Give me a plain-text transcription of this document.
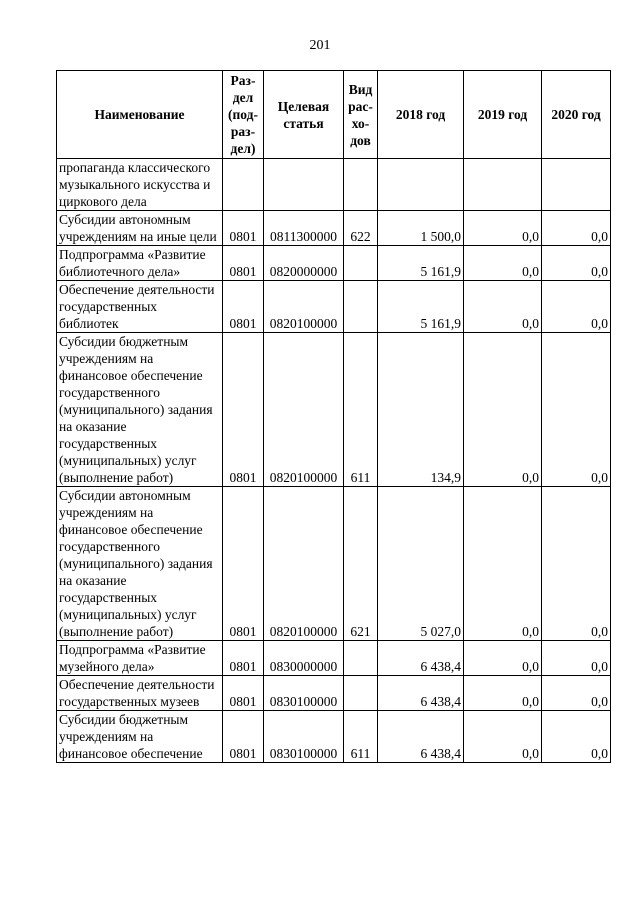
201
Наименование	Раз-дел (под-раз-дел)	Целевая статья	Вид рас-хо-дов	2018 год	2019 год	2020 год
пропаганда классического музыкального искусства и циркового дела						
Субсидии автономным учреждениям на иные цели	0801	0811300000	622	1 500,0	0,0	0,0
Подпрограмма «Развитие библиотечного дела»	0801	0820000000		5 161,9	0,0	0,0
Обеспечение деятельности государственных библиотек	0801	0820100000		5 161,9	0,0	0,0
Субсидии бюджетным учреждениям на финансовое обеспечение государственного (муниципального) задания на оказание государственных (муниципальных) услуг (выполнение работ)	0801	0820100000	611	134,9	0,0	0,0
Субсидии автономным учреждениям на финансовое обеспечение государственного (муниципального) задания на оказание государственных (муниципальных) услуг (выполнение работ)	0801	0820100000	621	5 027,0	0,0	0,0
Подпрограмма «Развитие музейного дела»	0801	0830000000		6 438,4	0,0	0,0
Обеспечение деятельности государственных музеев	0801	0830100000		6 438,4	0,0	0,0
Субсидии бюджетным учреждениям на финансовое обеспечение	0801	0830100000	611	6 438,4	0,0	0,0
